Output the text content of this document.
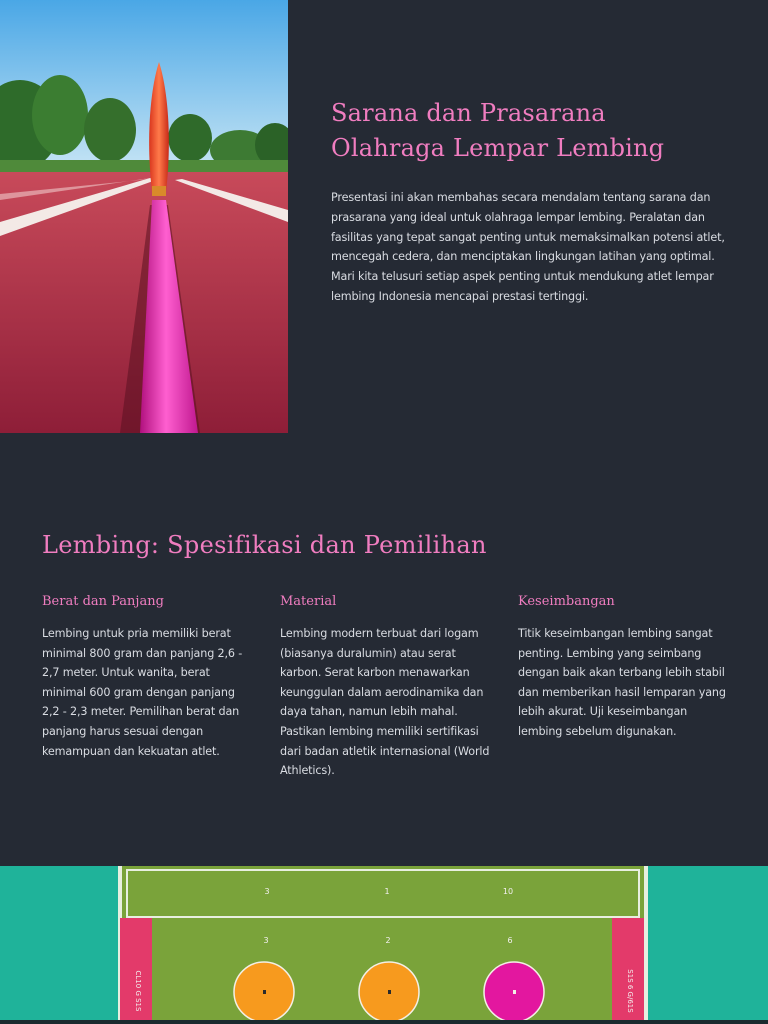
Sarana dan Prasarana
Olahraga Lempar Lembing

Presentasi ini akan membahas secara mendalam tentang sarana dan prasarana yang ideal untuk olahraga lempar lembing. Peralatan dan fasilitas yang tepat sangat penting untuk memaksimalkan potensi atlet, mencegah cedera, dan menciptakan lingkungan latihan yang optimal. Mari kita telusuri setiap aspek penting untuk mendukung atlet lempar lembing Indonesia mencapai prestasi tertinggi.

Lembing: Spesifikasi dan Pemilihan
Berat dan Panjang

Lembing untuk pria memiliki berat minimal 800 gram dan panjang 2,6 - 2,7 meter. Untuk wanita, berat minimal 600 gram dengan panjang 2,2 - 2,3 meter. Pemilihan berat dan panjang harus sesuai dengan kemampuan dan kekuatan atlet.

Material

Lembing modern terbuat dari logam (biasanya duralumin) atau serat karbon. Serat karbon menawarkan keunggulan dalam aerodinamika dan daya tahan, namun lebih mahal. Pastikan lembing memiliki sertifikasi dari badan atletik internasional (World Athletics).

Keseimbangan

Titik keseimbangan lembing sangat penting. Lembing yang seimbang dengan baik akan terbang lebih stabil dan memberikan hasil lemparan yang lebih akurat. Uji keseimbangan lembing sebelum digunakan.

CL10 G S1S	S1S 6 G/61S
3	1	10
3	2	6
